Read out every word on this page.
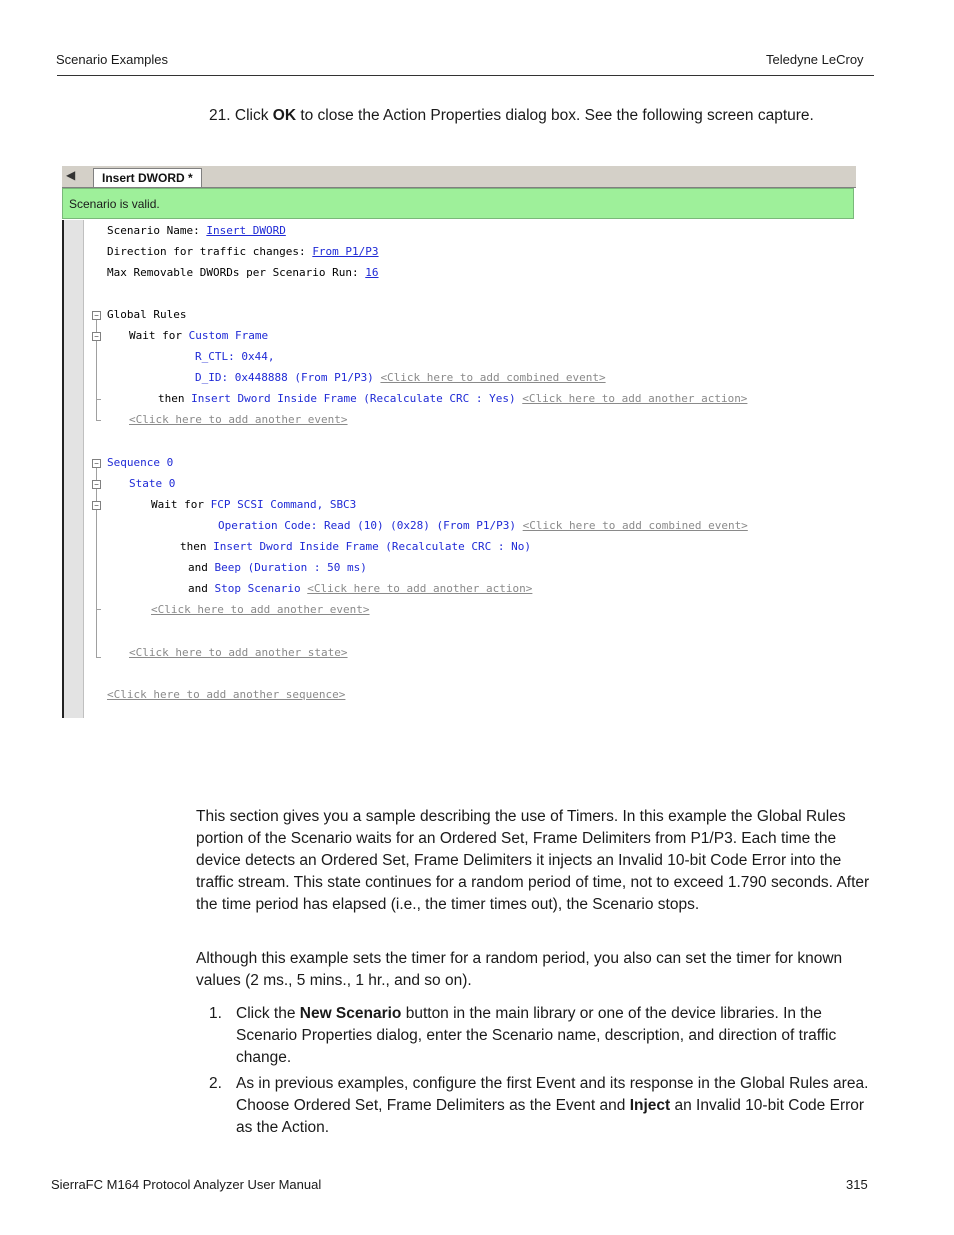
Scenario Examples	Teledyne LeCroy
21. Click OK to close the Action Properties dialog box. See the following screen capture.
◀	Insert DWORD *
Scenario is valid.
Scenario Name: Insert DWORD
Direction for traffic changes: From P1/P3
Max Removable DWORDs per Scenario Run: 16
− Global Rules
−	Wait for Custom Frame
R_CTL: 0x44,
D_ID: 0x448888 (From P1/P3) <Click here to add combined event>
then Insert Dword Inside Frame (Recalculate CRC : Yes) <Click here to add another action>
<Click here to add another event>
− Sequence 0
−	State 0
−	Wait for FCP SCSI Command, SBC3
Operation Code: Read (10) (0x28) (From P1/P3) <Click here to add combined event>
then Insert Dword Inside Frame (Recalculate CRC : No)
and Beep (Duration : 50 ms)
and Stop Scenario <Click here to add another action>
<Click here to add another event>
<Click here to add another state>
<Click here to add another sequence>
This section gives you a sample describing the use of Timers. In this example the Global Rules portion of the Scenario waits for an Ordered Set, Frame Delimiters from P1/P3. Each time the device detects an Ordered Set, Frame Delimiters it injects an Invalid 10-bit Code Error into the traffic stream. This state continues for a random period of time, not to exceed 1.790 seconds. After the time period has elapsed (i.e., the timer times out), the Scenario stops.
Although this example sets the timer for a random period, you also can set the timer for known values (2 ms., 5 mins., 1 hr., and so on).
1. Click the New Scenario button in the main library or one of the device libraries. In the Scenario Properties dialog, enter the Scenario name, description, and direction of traffic change.
2. As in previous examples, configure the first Event and its response in the Global Rules area. Choose Ordered Set, Frame Delimiters as the Event and Inject an Invalid 10-bit Code Error as the Action.
SierraFC M164 Protocol Analyzer User Manual	315
